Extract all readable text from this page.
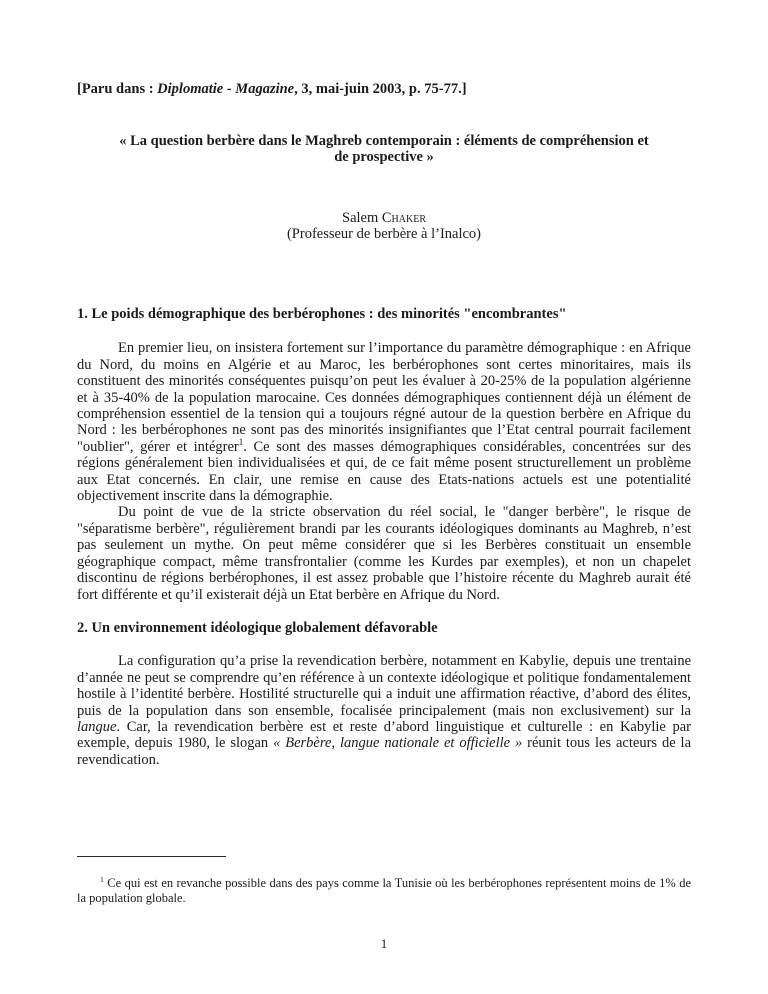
[Paru dans : Diplomatie - Magazine, 3, mai-juin 2003, p. 75-77.]
« La question berbère dans le Maghreb contemporain : éléments de compréhension et
de prospective »
Salem Chaker
(Professeur de berbère à l’Inalco)
1. Le poids démographique des berbérophones : des minorités "encombrantes"

En premier lieu, on insistera fortement sur l’importance du paramètre démographique : en Afrique du Nord, du moins en Algérie et au Maroc, les berbérophones sont certes minoritaires, mais ils constituent des minorités conséquentes puisqu’on peut les évaluer à 20-25% de la population algérienne et à 35-40% de la population marocaine. Ces données démographiques contiennent déjà un élément de compréhension essentiel de la tension qui a toujours régné autour de la question berbère en Afrique du Nord : les berbérophones ne sont pas des minorités insignifiantes que l’Etat central pourrait facilement "oublier", gérer et intégrer$^1$. Ce sont des masses démographiques considérables, concentrées sur des régions généralement bien individualisées et qui, de ce fait même posent structurellement un problème aux Etat concernés. En clair, une remise en cause des Etats-nations actuels est une potentialité objectivement inscrite dans la démographie.

Du point de vue de la stricte observation du réel social, le "danger berbère", le risque de "séparatisme berbère", régulièrement brandi par les courants idéologiques dominants au Maghreb, n’est pas seulement un mythe. On peut même considérer que si les Berbères constituait un ensemble géographique compact, même transfrontalier (comme les Kurdes par exemples), et non un chapelet discontinu de régions berbérophones, il est assez probable que l’histoire récente du Maghreb aurait été fort différente et qu’il existerait déjà un Etat berbère en Afrique du Nord.

2. Un environnement idéologique globalement défavorable

La configuration qu’a prise la revendication berbère, notamment en Kabylie, depuis une trentaine d’année ne peut se comprendre qu’en référence à un contexte idéologique et politique fondamentalement hostile à l’identité berbère. Hostilité structurelle qui a induit une affirmation réactive, d’abord des élites, puis de la population dans son ensemble, focalisée principalement (mais non exclusivement) sur la langue. Car, la revendication berbère est et reste d’abord linguistique et culturelle : en Kabylie par exemple, depuis 1980, le slogan « Berbère, langue nationale et officielle » réunit tous les acteurs de la revendication.

$^1$ Ce qui est en revanche possible dans des pays comme la Tunisie où les berbérophones représentent moins de 1% de la population globale.
1
